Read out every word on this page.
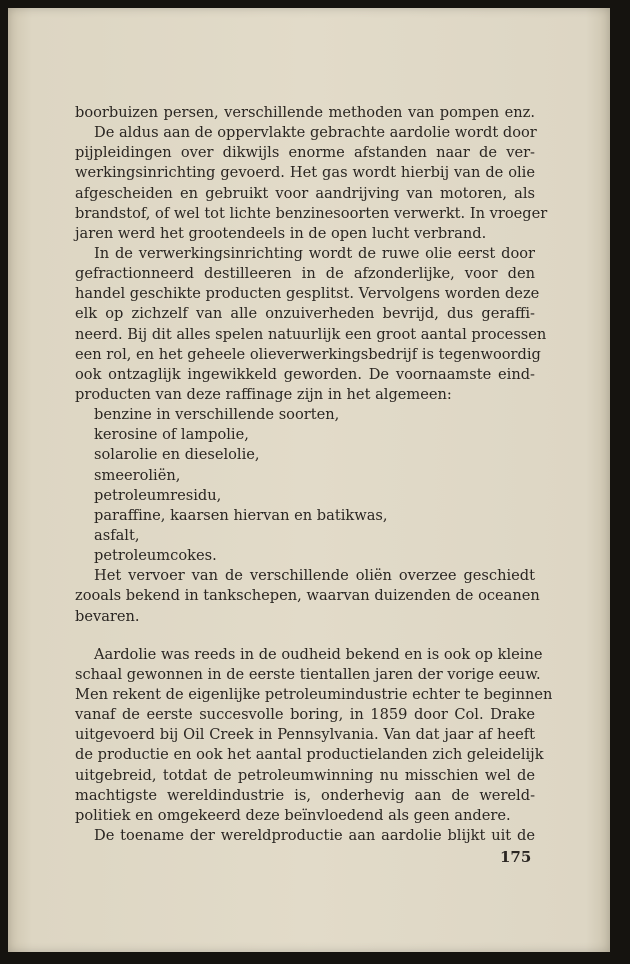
boorbuizen persen, verschillende methoden van pompen enz.
De aldus aan de oppervlakte gebrachte aardolie wordt door
pijpleidingen over dikwijls enorme afstanden naar de ver-
werkingsinrichting gevoerd. Het gas wordt hierbij van de olie
afgescheiden en gebruikt voor aandrijving van motoren, als
brandstof, of wel tot lichte benzinesoorten verwerkt. In vroeger
jaren werd het grootendeels in de open lucht verbrand.
In de verwerkingsinrichting wordt de ruwe olie eerst door
gefractionneerd destilleeren in de afzonderlijke, voor den
handel geschikte producten gesplitst. Vervolgens worden deze
elk op zichzelf van alle onzuiverheden bevrijd, dus geraffi-
neerd. Bij dit alles spelen natuurlijk een groot aantal processen
een rol, en het geheele olieverwerkingsbedrijf is tegenwoordig
ook ontzaglijk ingewikkeld geworden. De voornaamste eind-
producten van deze raffinage zijn in het algemeen:
benzine in verschillende soorten,
kerosine of lampolie,
solarolie en dieselolie,
smeeroliën,
petroleumresidu,
paraffine, kaarsen hiervan en batikwas,
asfalt,
petroleumcokes.
Het vervoer van de verschillende oliën overzee geschiedt
zooals bekend in tankschepen, waarvan duizenden de oceanen
bevaren.
Aardolie was reeds in de oudheid bekend en is ook op kleine
schaal gewonnen in de eerste tientallen jaren der vorige eeuw.
Men rekent de eigenlijke petroleumindustrie echter te beginnen
vanaf de eerste succesvolle boring, in 1859 door Col. Drake
uitgevoerd bij Oil Creek in Pennsylvania. Van dat jaar af heeft
de productie en ook het aantal productielanden zich geleidelijk
uitgebreid, totdat de petroleumwinning nu misschien wel de
machtigste wereldindustrie is, onderhevig aan de wereld-
politiek en omgekeerd deze beïnvloedend als geen andere.
De toename der wereldproductie aan aardolie blijkt uit de
175
